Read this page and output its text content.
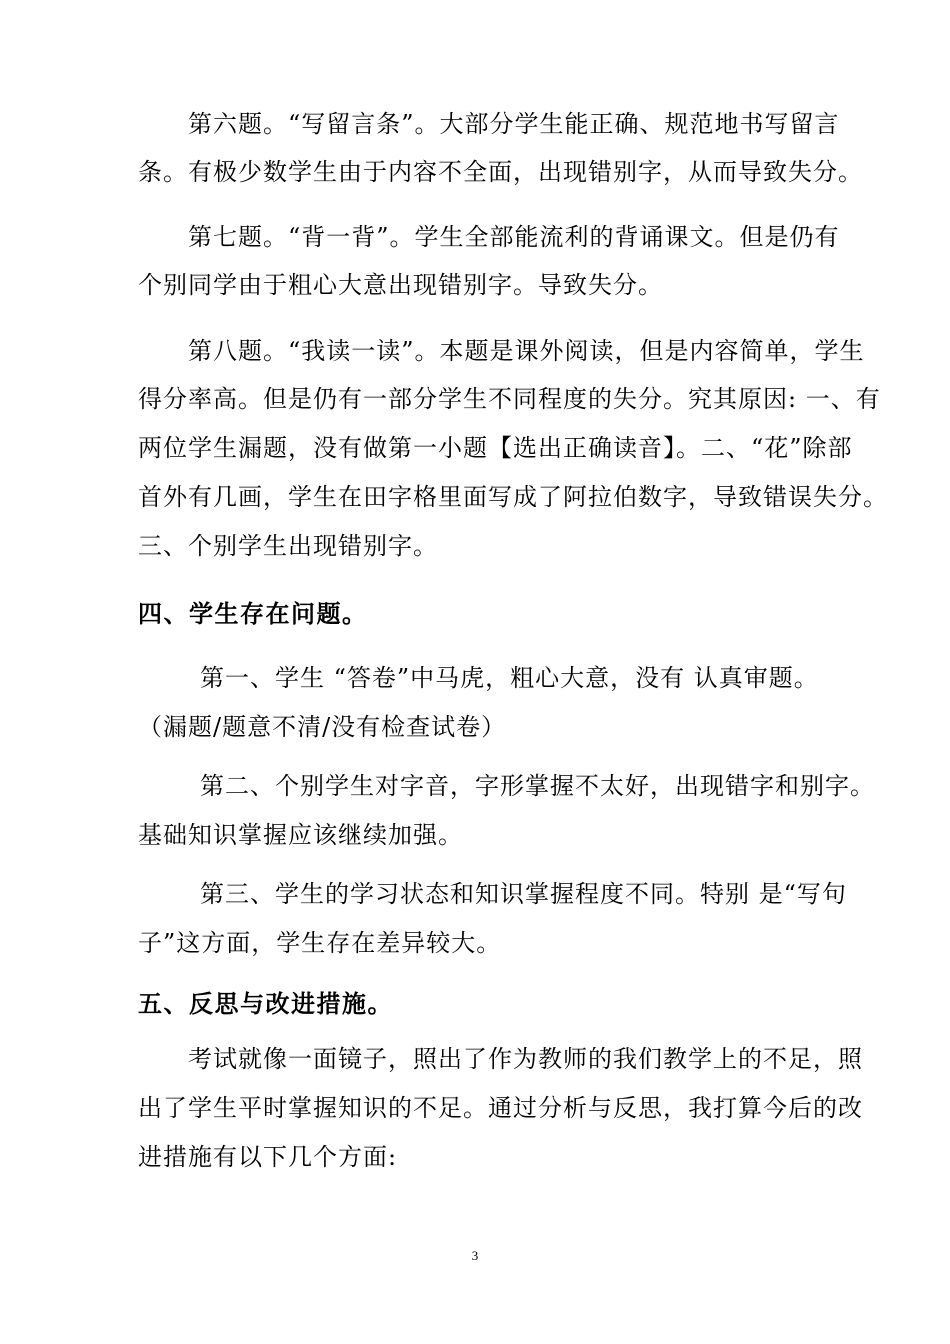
第六题。“写留言条”。大部分学生能正确、规范地书写留言
条。有极少数学生由于内容不全面，出现错别字，从而导致失分。
第七题。“背一背”。学生全部能流利的背诵课文。但是仍有
个别同学由于粗心大意出现错别字。导致失分。
第八题。“我读一读”。本题是课外阅读，但是内容简单，学生
得分率高。但是仍有一部分学生不同程度的失分。究其原因: 一、有
两位学生漏题，没有做第一小题【选出正确读音】。二、“花”除部
首外有几画，学生在田字格里面写成了阿拉伯数字，导致错误失分。
三、个别学生出现错别字。
四、学生存在问题。
第一、学生 “答卷”中马虎，粗心大意，没有 认真审题。
（漏题/题意不清/没有检查试卷）
第二、个别学生对字音，字形掌握不太好，出现错字和别字。
基础知识掌握应该继续加强。
第三、学生的学习状态和知识掌握程度不同。特别 是“写句
子”这方面，学生存在差异较大。
五、反思与改进措施。
考试就像一面镜子，照出了作为教师的我们教学上的不足，照
出了学生平时掌握知识的不足。通过分析与反思，我打算今后的改
进措施有以下几个方面:
3
